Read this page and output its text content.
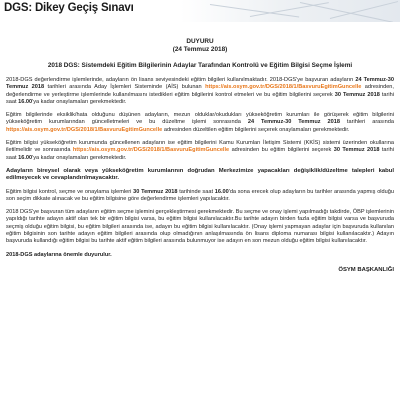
DGS: Dikey Geçiş Sınavı
DUYURU
(24 Temmuz 2018)
2018 DGS: Sistemdeki Eğitim Bilgilerinin Adaylar Tarafından Kontrolü ve Eğitim Bilgisi Seçme İşlemi

2018-DGS değerlendirme işlemlerinde, adayların ön lisans seviyesindeki eğitim bilgileri kullanılmaktadır. 2018-DGS'ye başvuran adayların 24 Temmuz-30 Temmuz 2018 tarihleri arasında Aday İşlemleri Sisteminde (AİS) bulunan https://ais.osym.gov.tr/DGS/2018/1/BasvuruEgitimGuncelle adresinden, değerlendirme ve yerleştirme işlemlerinde kullanılmasını istedikleri eğitim bilgilerini kontrol etmeleri ve bu eğitim bilgilerini seçerek 30 Temmuz 2018 tarihi saat 16.00'ya kadar onaylamaları gerekmektedir.

Eğitim bilgilerinde eksiklik/hata olduğunu düşünen adayların, mezun olduklar/okudukları yükseköğretim kurumları ile görüşerek eğitim bilgilerini yükseköğretim kurumlarından güncelletmeleri ve bu düzeltme işlemi sonrasında 24 Temmuz-30 Temmuz 2018 tarihleri arasında https://ais.osym.gov.tr/DGS/2018/1/BasvuruEgitimGuncelle adresinden düzeltilen eğitim bilgilerini seçerek onaylamaları gerekmektedir.

Eğitim bilgisi yükseköğretim kurumunda güncellenen adayların ise eğitim bilgilerini Kamu Kurumları İletişim Sistemi (KKİS) sistemi üzerinden okullarına iletilmelidir ve sonrasında https://ais.osym.gov.tr/DGS/2018/1/BasvuruEgitimGuncelle adresinden bu eğitim bilgilerini seçerek 30 Temmuz 2018 tarihi saat 16.00'ya kadar onaylamaları gerekmektedir.

Adayların bireysel olarak veya yükseköğretim kurumlarının doğrudan Merkezimize yapacakları değişiklik/düzeltme talepleri kabul edilmeyecek ve cevaplandırılmayacaktır.

Eğitim bilgisi kontrol, seçme ve onaylama işlemleri 30 Temmuz 2018 tarihinde saat 16.00'da sona erecek olup adayların bu tarihler arasında yapmış olduğu son seçim dikkate alınacak ve bu eğitim bilgisine göre değerlendirme işlemleri yapılacaktır.

2018 DGS'ye başvuran tüm adayların eğitim seçme işlemini gerçekleştirmesi gerekmektedir. Bu seçme ve onay işlemi yapılmadığı takdirde, ÖBP işlemlerinin yapıldığı tarihte adayın aktif olan tek bir eğitim bilgisi varsa, bu eğitim bilgisi kullanılacaktır.Bu tarihte adayın birden fazla eğitim bilgisi varsa ve başvuruda seçmiş olduğu eğitim bilgisi, bu eğitim bilgileri arasında ise, adayın bu eğitim bilgisi kullanılacaktır. (Onay işlemi yapmayan adaylar için başvuruda kullanılan eğitim bilgisinin son tarihte adayın eğitim bilgileri arasında olup olmadığının anlaşılmasında ön lisans diploma numarası bilgisi kullanılacaktır.) Adayın başvuruda kullandığı eğitim bilgisi bu tarihte aktif eğitim bilgileri arasında bulunmuyor ise adayın en son mezun olduğu eğitim bilgisi kullanılacaktır.

2018-DGS adaylarına önemle duyurulur.

ÖSYM BAŞKANLIĞI
